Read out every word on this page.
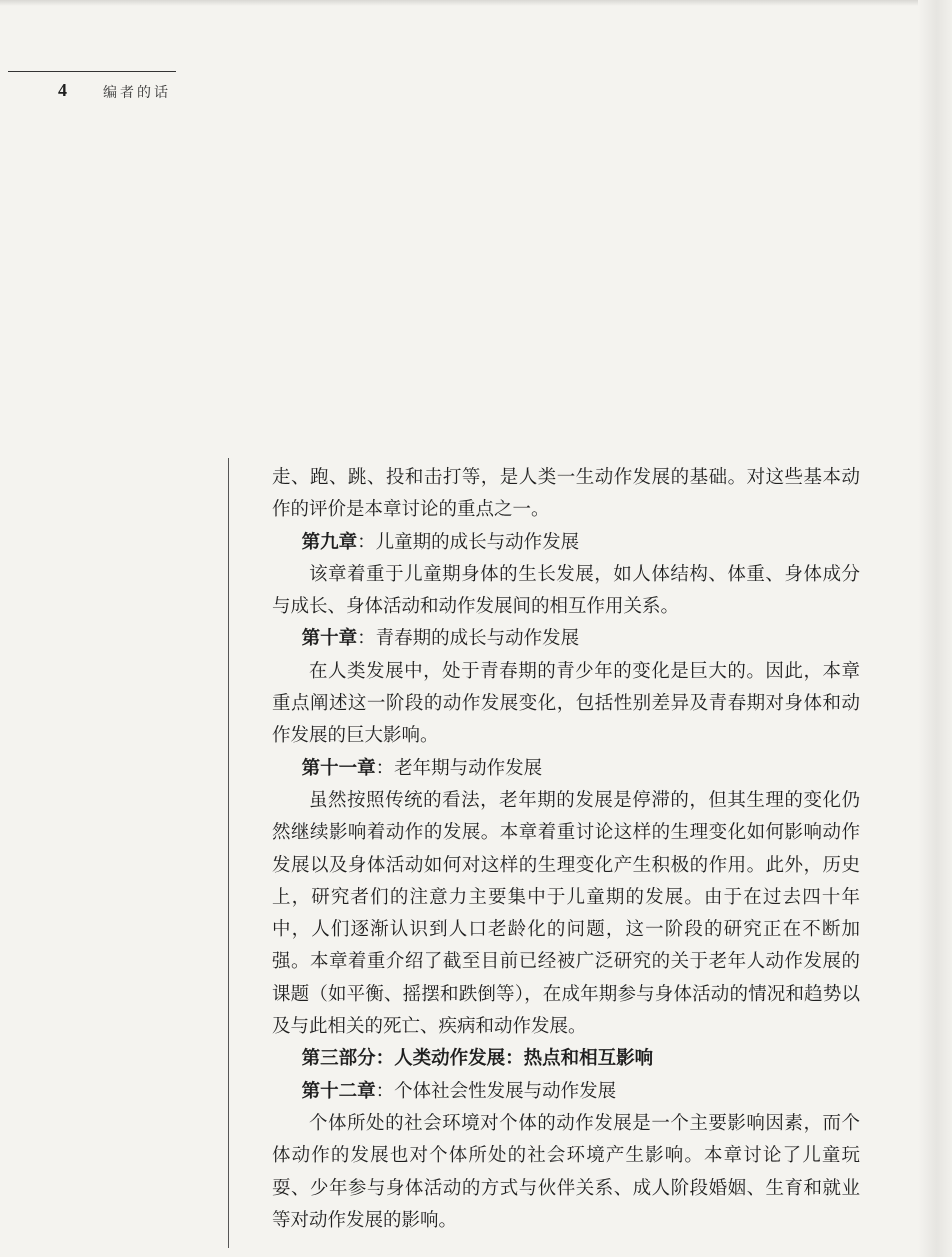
4	编者的话

走、跑、跳、投和击打等，是人类一生动作发展的基础。对这些基本动作的评价是本章讨论的重点之一。

第九章：儿童期的成长与动作发展

该章着重于儿童期身体的生长发展，如人体结构、体重、身体成分与成长、身体活动和动作发展间的相互作用关系。

第十章：青春期的成长与动作发展

在人类发展中，处于青春期的青少年的变化是巨大的。因此，本章重点阐述这一阶段的动作发展变化，包括性别差异及青春期对身体和动作发展的巨大影响。

第十一章：老年期与动作发展

虽然按照传统的看法，老年期的发展是停滞的，但其生理的变化仍然继续影响着动作的发展。本章着重讨论这样的生理变化如何影响动作发展以及身体活动如何对这样的生理变化产生积极的作用。此外，历史上，研究者们的注意力主要集中于儿童期的发展。由于在过去四十年中，人们逐渐认识到人口老龄化的问题，这一阶段的研究正在不断加强。本章着重介绍了截至目前已经被广泛研究的关于老年人动作发展的课题（如平衡、摇摆和跌倒等），在成年期参与身体活动的情况和趋势以及与此相关的死亡、疾病和动作发展。

第三部分：人类动作发展：热点和相互影响

第十二章：个体社会性发展与动作发展

个体所处的社会环境对个体的动作发展是一个主要影响因素，而个体动作的发展也对个体所处的社会环境产生影响。本章讨论了儿童玩耍、少年参与身体活动的方式与伙伴关系、成人阶段婚姻、生育和就业等对动作发展的影响。
